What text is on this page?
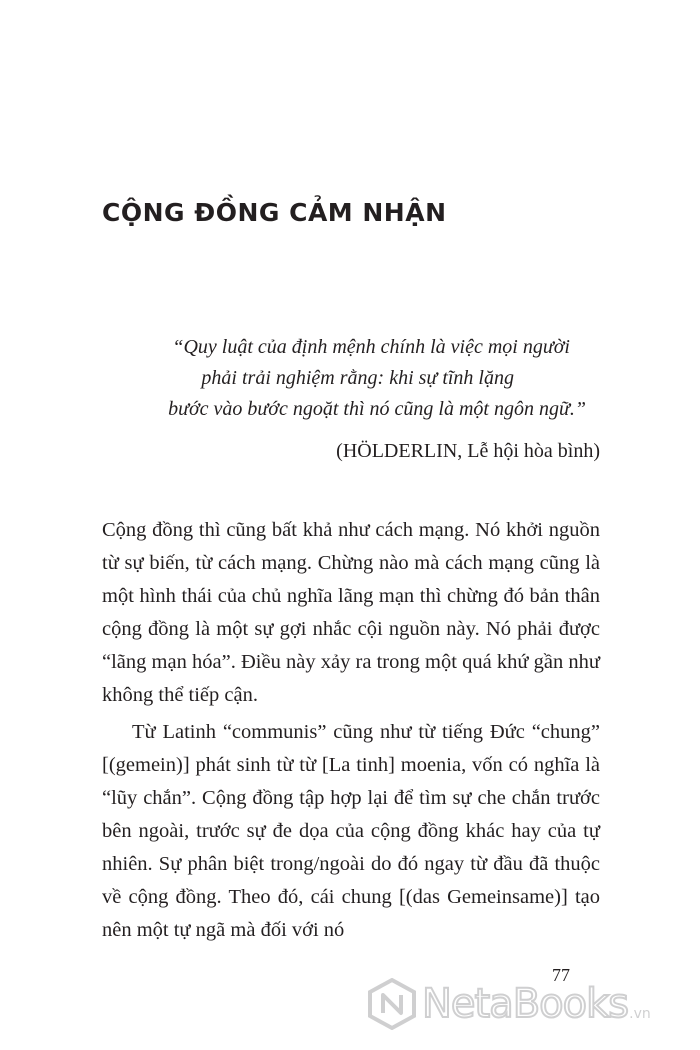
CỘNG ĐỒNG CẢM NHẬN
“Quy luật của định mệnh chính là việc mọi người
phải trải nghiệm rằng: khi sự tĩnh lặng
bước vào bước ngoặt thì nó cũng là một ngôn ngữ.”
(HÖLDERLIN, Lễ hội hòa bình)

Cộng đồng thì cũng bất khả như cách mạng. Nó khởi nguồn từ sự biến, từ cách mạng. Chừng nào mà cách mạng cũng là một hình thái của chủ nghĩa lãng mạn thì chừng đó bản thân cộng đồng là một sự gợi nhắc cội nguồn này. Nó phải được “lãng mạn hóa”. Điều này xảy ra trong một quá khứ gần như không thể tiếp cận.

Từ Latinh “communis” cũng như từ tiếng Đức “chung” [(gemein)] phát sinh từ từ [La tinh] moenia, vốn có nghĩa là “lũy chắn”. Cộng đồng tập hợp lại để tìm sự che chắn trước bên ngoài, trước sự đe dọa của cộng đồng khác hay của tự nhiên. Sự phân biệt trong/ngoài do đó ngay từ đầu đã thuộc về cộng đồng. Theo đó, cái chung [(das Gemeinsame)] tạo nên một tự ngã mà đối với nó

77
NetaBooks .vn
